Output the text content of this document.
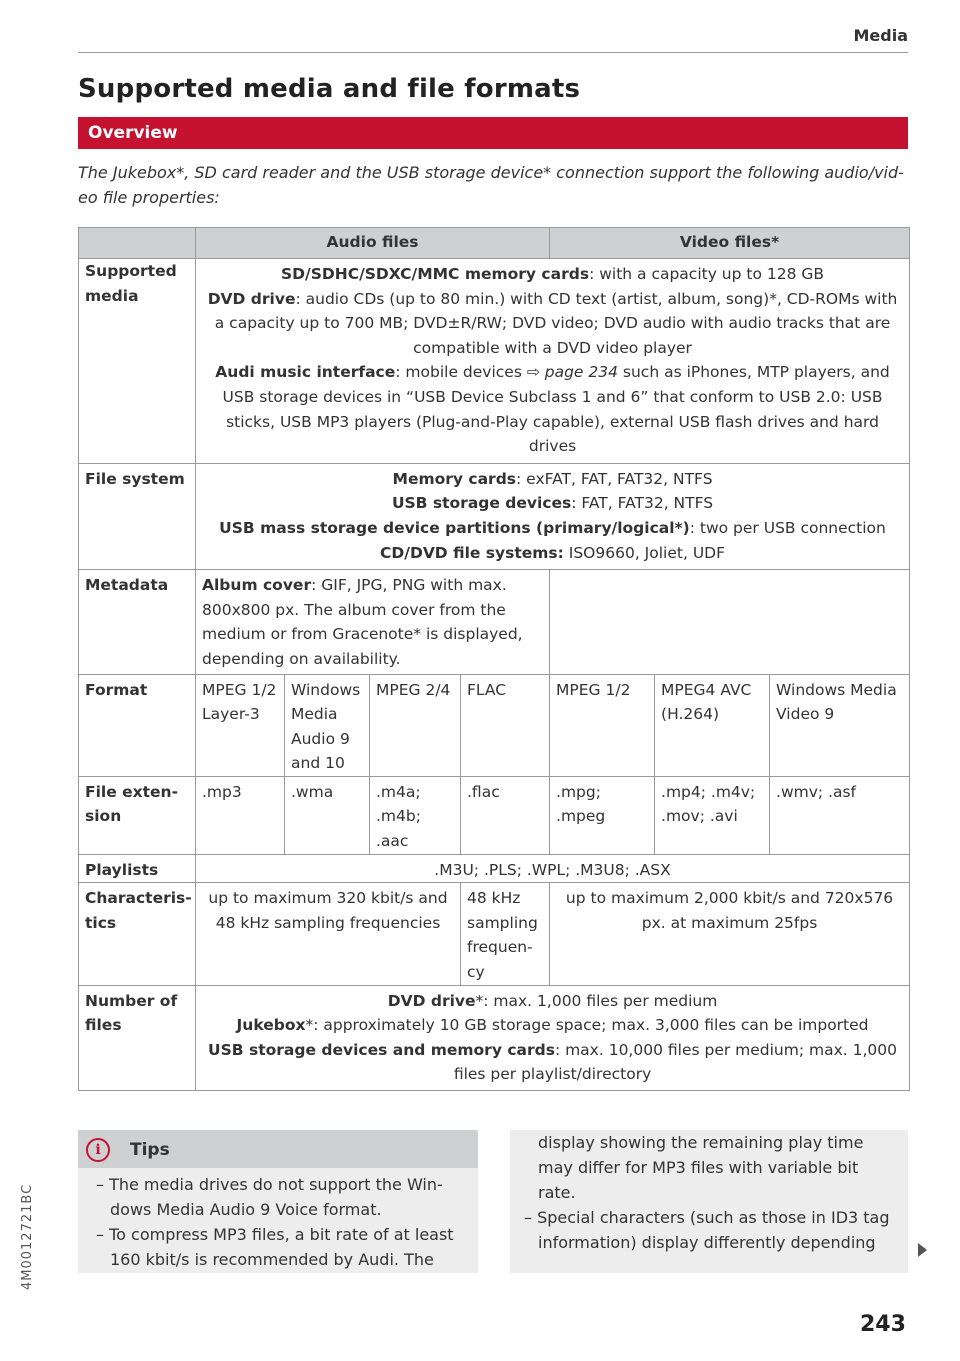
Media
Supported media and file formats
Overview
The Jukebox*, SD card reader and the USB storage device* connection support the following audio/vid-eo file properties:
	Audio files				Video files*		
Supported media	SD/SDHC/SDXC/MMC memory cards: with a capacity up to 128 GB
DVD drive: audio CDs (up to 80 min.) with CD text (artist, album, song)*, CD-ROMs with a capacity up to 700 MB; DVD±R/RW; DVD video; DVD audio with audio tracks that are compatible with a DVD video player
Audi music interface: mobile devices ⇨ page 234 such as iPhones, MTP players, and USB storage devices in “USB Device Subclass 1 and 6” that conform to USB 2.0: USB sticks, USB MP3 players (Plug-and-Play capable), external USB flash drives and hard drives						

File system	Memory cards: exFAT, FAT, FAT32, NTFS
USB storage devices: FAT, FAT32, NTFS
USB mass storage device partitions (primary/logical*): two per USB connection
CD/DVD file systems: ISO9660, Joliet, UDF						

Metadata	Album cover: GIF, JPG, PNG with max. 800x800 px. The album cover from the medium or from Gracenote* is displayed, depending on availability.						
Format	MPEG 1/2 Layer-3	Windows Media Audio 9 and 10	MPEG 2/4	FLAC	MPEG 1/2	MPEG4 AVC (H.264)	Windows Media Video 9
File exten-sion	.mp3	.wma	.m4a; .m4b; .aac	.flac	.mpg; .mpeg	.mp4; .m4v; .mov; .avi	.wmv; .asf
Playlists	.M3U; .PLS; .WPL; .M3U8; .ASX						
Characteris-tics	up to maximum 320 kbit/s and 48 kHz sampling frequencies			48 kHz sampling frequen-cy	up to maximum 2,000 kbit/s and 720x576 px. at maximum 25fps		
Number of files	DVD drive*: max. 1,000 files per medium
Jukebox*: approximately 10 GB storage space; max. 3,000 files can be imported
USB storage devices and memory cards: max. 10,000 files per medium; max. 1,000 files per playlist/directory						
i	Tips
– The media drives do not support the Win-dows Media Audio 9 Voice format.
– To compress MP3 files, a bit rate of at least 160 kbit/s is recommended by Audi. The
display showing the remaining play time may differ for MP3 files with variable bit rate.
– Special characters (such as those in ID3 tag information) display differently depending
4M0012721BC
243
